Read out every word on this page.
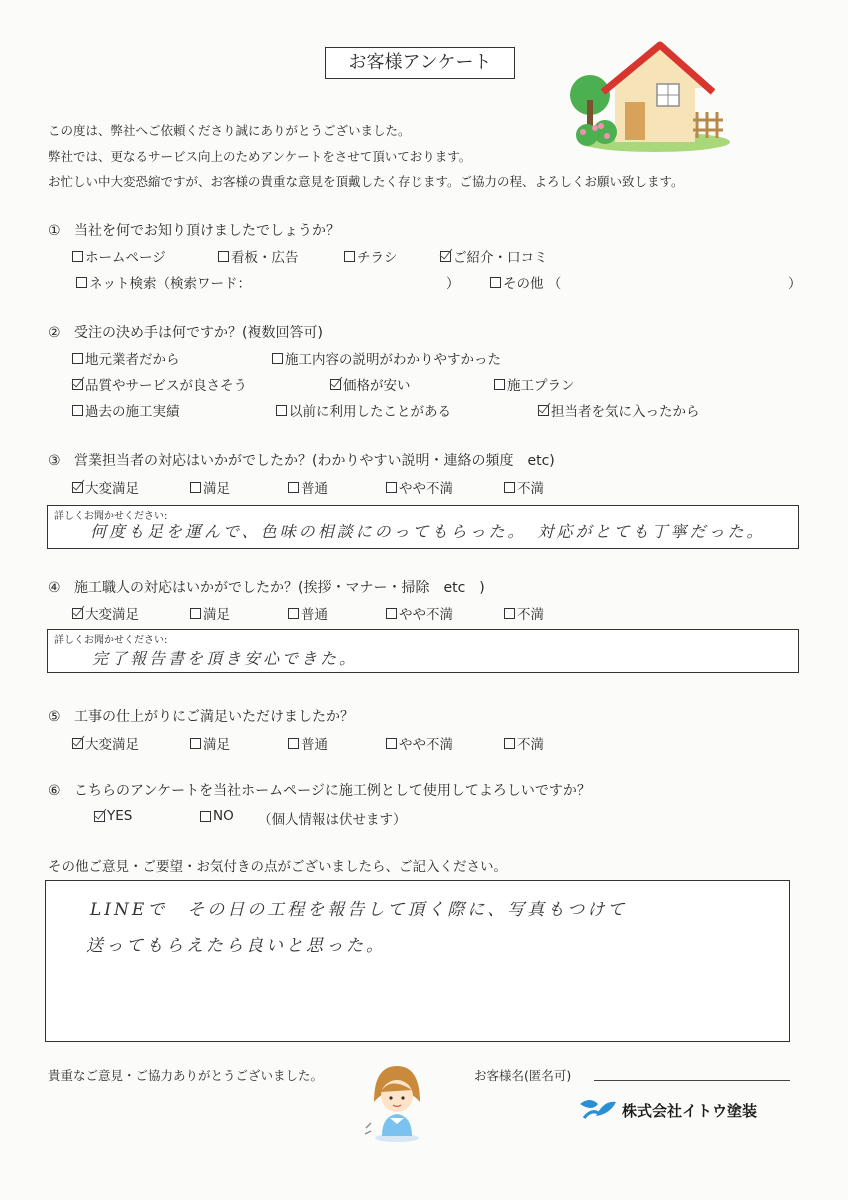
お客様アンケート
この度は、弊社へご依頼くださり誠にありがとうございました。
弊社では、更なるサービス向上のためアンケートをさせて頂いております。
お忙しい中大変恐縮ですが、お客様の貴重な意見を頂戴したく存じます。ご協力の程、よろしくお願い致します。
① 当社を何でお知り頂けましたでしょうか？
ホームページ	看板・広告	チラシ	ご紹介・口コミ
ネット検索（検索ワード：	）	その他 （	）
② 受注の決め手は何ですか？(複数回答可)
地元業者だから	施工内容の説明がわかりやすかった
品質やサービスが良さそう	価格が安い	施工プラン
過去の施工実績	以前に利用したことがある	担当者を気に入ったから
③ 営業担当者の対応はいかがでしたか？(わかりやすい説明・連絡の頻度　etc)
大変満足	満足	普通	やや不満	不満
詳しくお聞かせください:
何度も足を運んで、色味の相談にのってもらった。　対応がとても丁寧だった。
④ 施工職人の対応はいかがでしたか？(挨拶・マナー・掃除　etc　)
大変満足	満足	普通	やや不満	不満
詳しくお聞かせください:
完了報告書を頂き安心できた。
⑤ 工事の仕上がりにご満足いただけましたか？
大変満足	満足	普通	やや不満	不満
⑥ こちらのアンケートを当社ホームページに施工例として使用してよろしいですか？
YES	NO （個人情報は伏せます）
その他ご意見・ご要望・お気付きの点がございましたら、ご記入ください。
LINEで　その日の工程を報告して頂く際に、写真もつけて
送ってもらえたら良いと思った。
貴重なご意見・ご協力ありがとうございました。	お客様名(匿名可)
株式会社イトウ塗装
